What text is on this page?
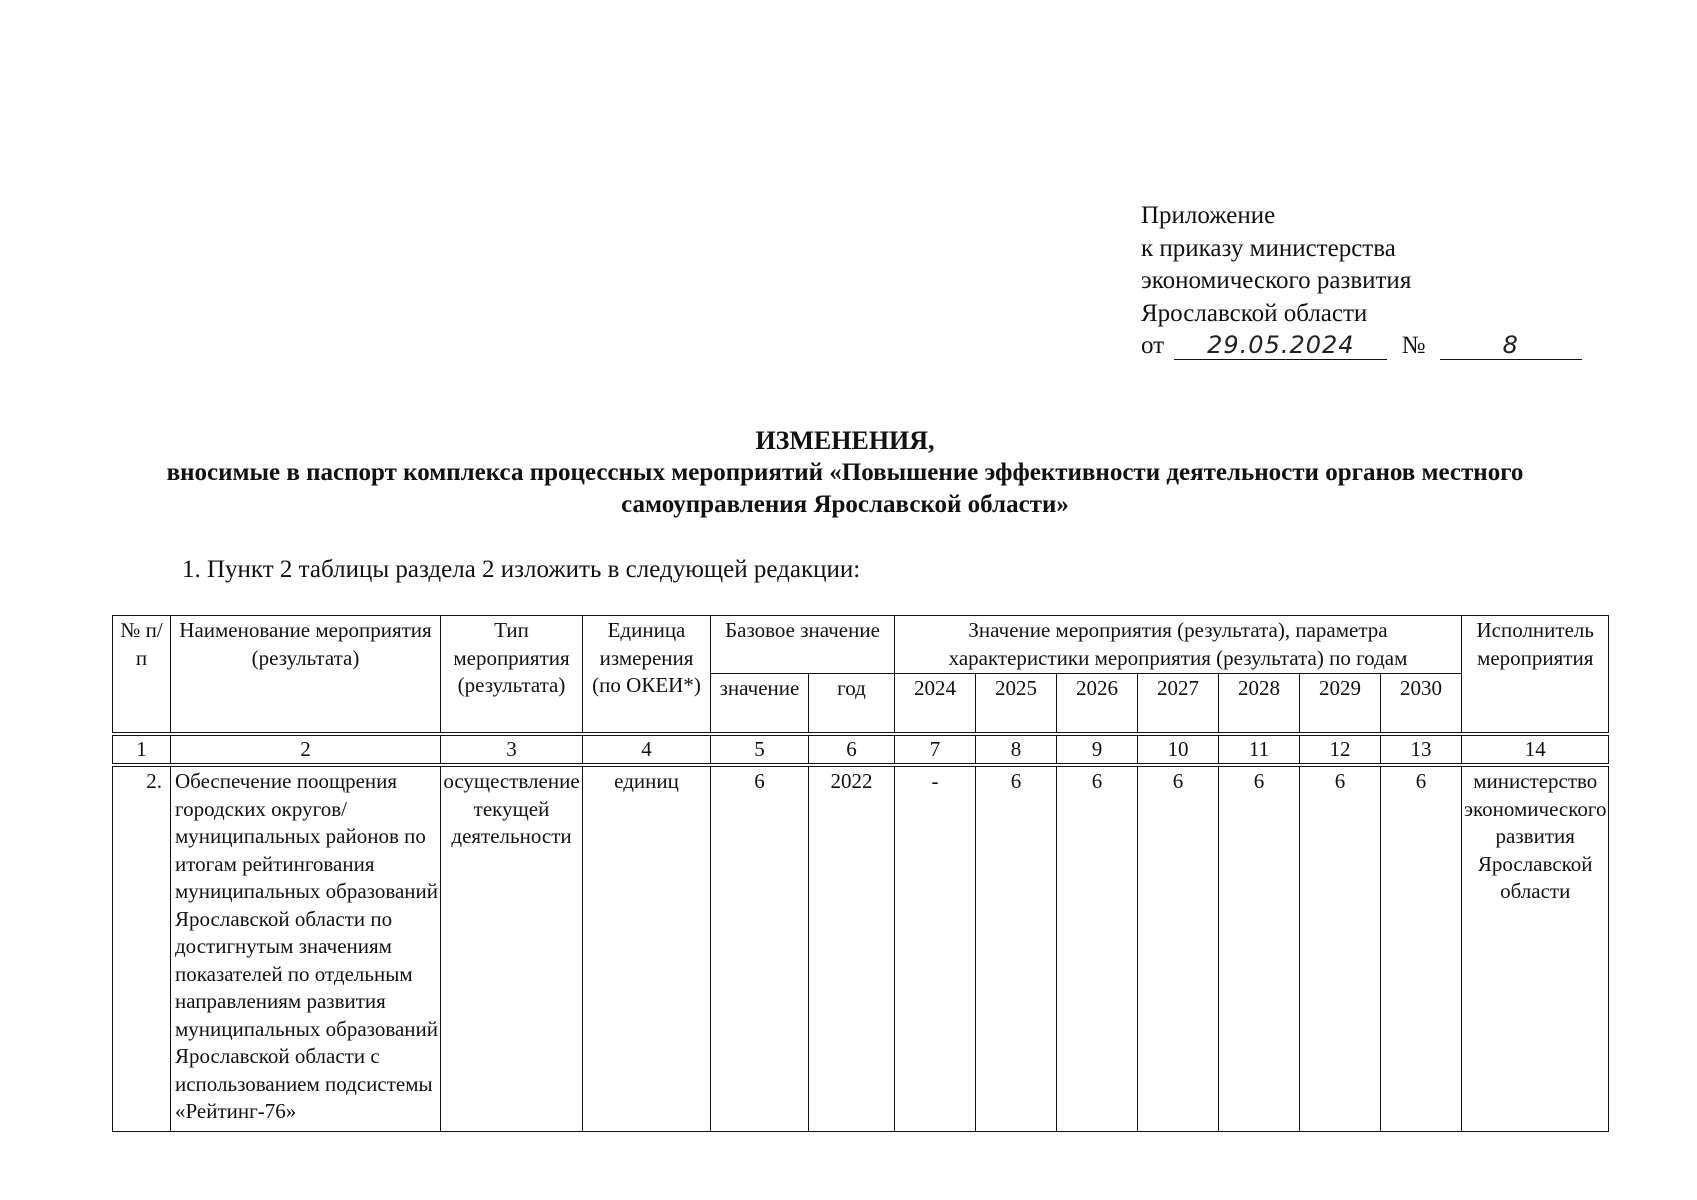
Приложение
к приказу министерства
экономического развития
Ярославской области
от 29.05.2024 №	8
ИЗМЕНЕНИЯ,
вносимые в паспорт комплекса процессных мероприятий «Повышение эффективности деятельности органов местного самоуправления Ярославской области»
1. Пункт 2 таблицы раздела 2 изложить в следующей редакции:
№ п/п	Наименование мероприятия (результата)	Тип мероприятия (результата)	Единица измерения (по ОКЕИ*)	Базовое значение		Значение мероприятия (результата), параметра характеристики мероприятия (результата) по годам							Исполнитель мероприятия
				значение	год	2024	2025	2026	2027	2028	2029	2030	
1	2	3	4	5	6	7	8	9	10	11	12	13	14
2.	Обеспечение поощрения городских округов/ муниципальных районов по итогам рейтингования муниципальных образований Ярославской области по достигнутым значениям показателей по отдельным направлениям развития муниципальных образований Ярославской области с использованием подсистемы «Рейтинг-76»	осуществление текущей деятельности	единиц	6	2022	-	6	6	6	6	6	6	министерство экономического развития Ярославской области
